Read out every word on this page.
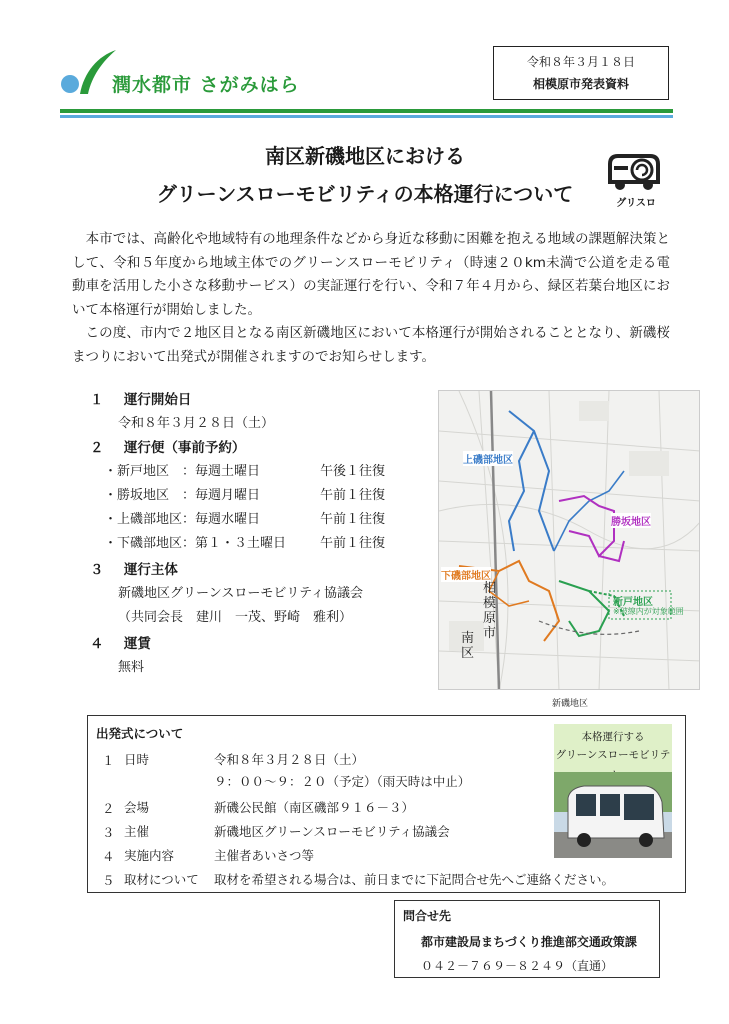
潤水都市 さがみはら
令和８年３月１８日
相模原市発表資料
南区新磯地区における
グリーンスローモビリティの本格運行について	グリスロ
　本市では、高齢化や地域特有の地理条件などから身近な移動に困難を抱える地域の課題解決策として、令和５年度から地域主体でのグリーンスローモビリティ（時速２０km未満で公道を走る電動車を活用した小さな移動サービス）の実証運行を行い、令和７年４月から、緑区若葉台地区において本格運行が開始しました。
　この度、市内で２地区目となる南区新磯地区において本格運行が開始されることとなり、新磯桜まつりにおいて出発式が開催されますのでお知らせします。
１ 運行開始日
令和８年３月２８日（土）
２ 運行便（事前予約）
・新戸地区　：毎週土曜日	午後１往復
・勝坂地区　：毎週月曜日	午前１往復
・上磯部地区：毎週水曜日	午前１往復
・下磯部地区：第１・３土曜日	午前１往復
３ 運行主体
新磯地区グリーンスローモビリティ協議会
（共同会長　建川　一茂、野崎　雅利）
４ 運賃
無料
上磯部地区
勝坂地区
下磯部地区
新戸地区
※破線内が対象範囲
相模原市
南区
新磯地区
出発式について	本格運行する
グリーンスローモビリテ
１ 日時	令和８年３月２８日（土）
９：００～９：２０（予定）（雨天時は中止）
２ 会場	新磯公民館（南区磯部９１６－３）
３ 主催	新磯地区グリーンスローモビリティ協議会
４ 実施内容	主催者あいさつ等
５ 取材について 取材を希望される場合は、前日までに下記問合せ先へご連絡ください。
問合せ先
都市建設局まちづくり推進部交通政策課
０４２－７６９－８２４９（直通）
